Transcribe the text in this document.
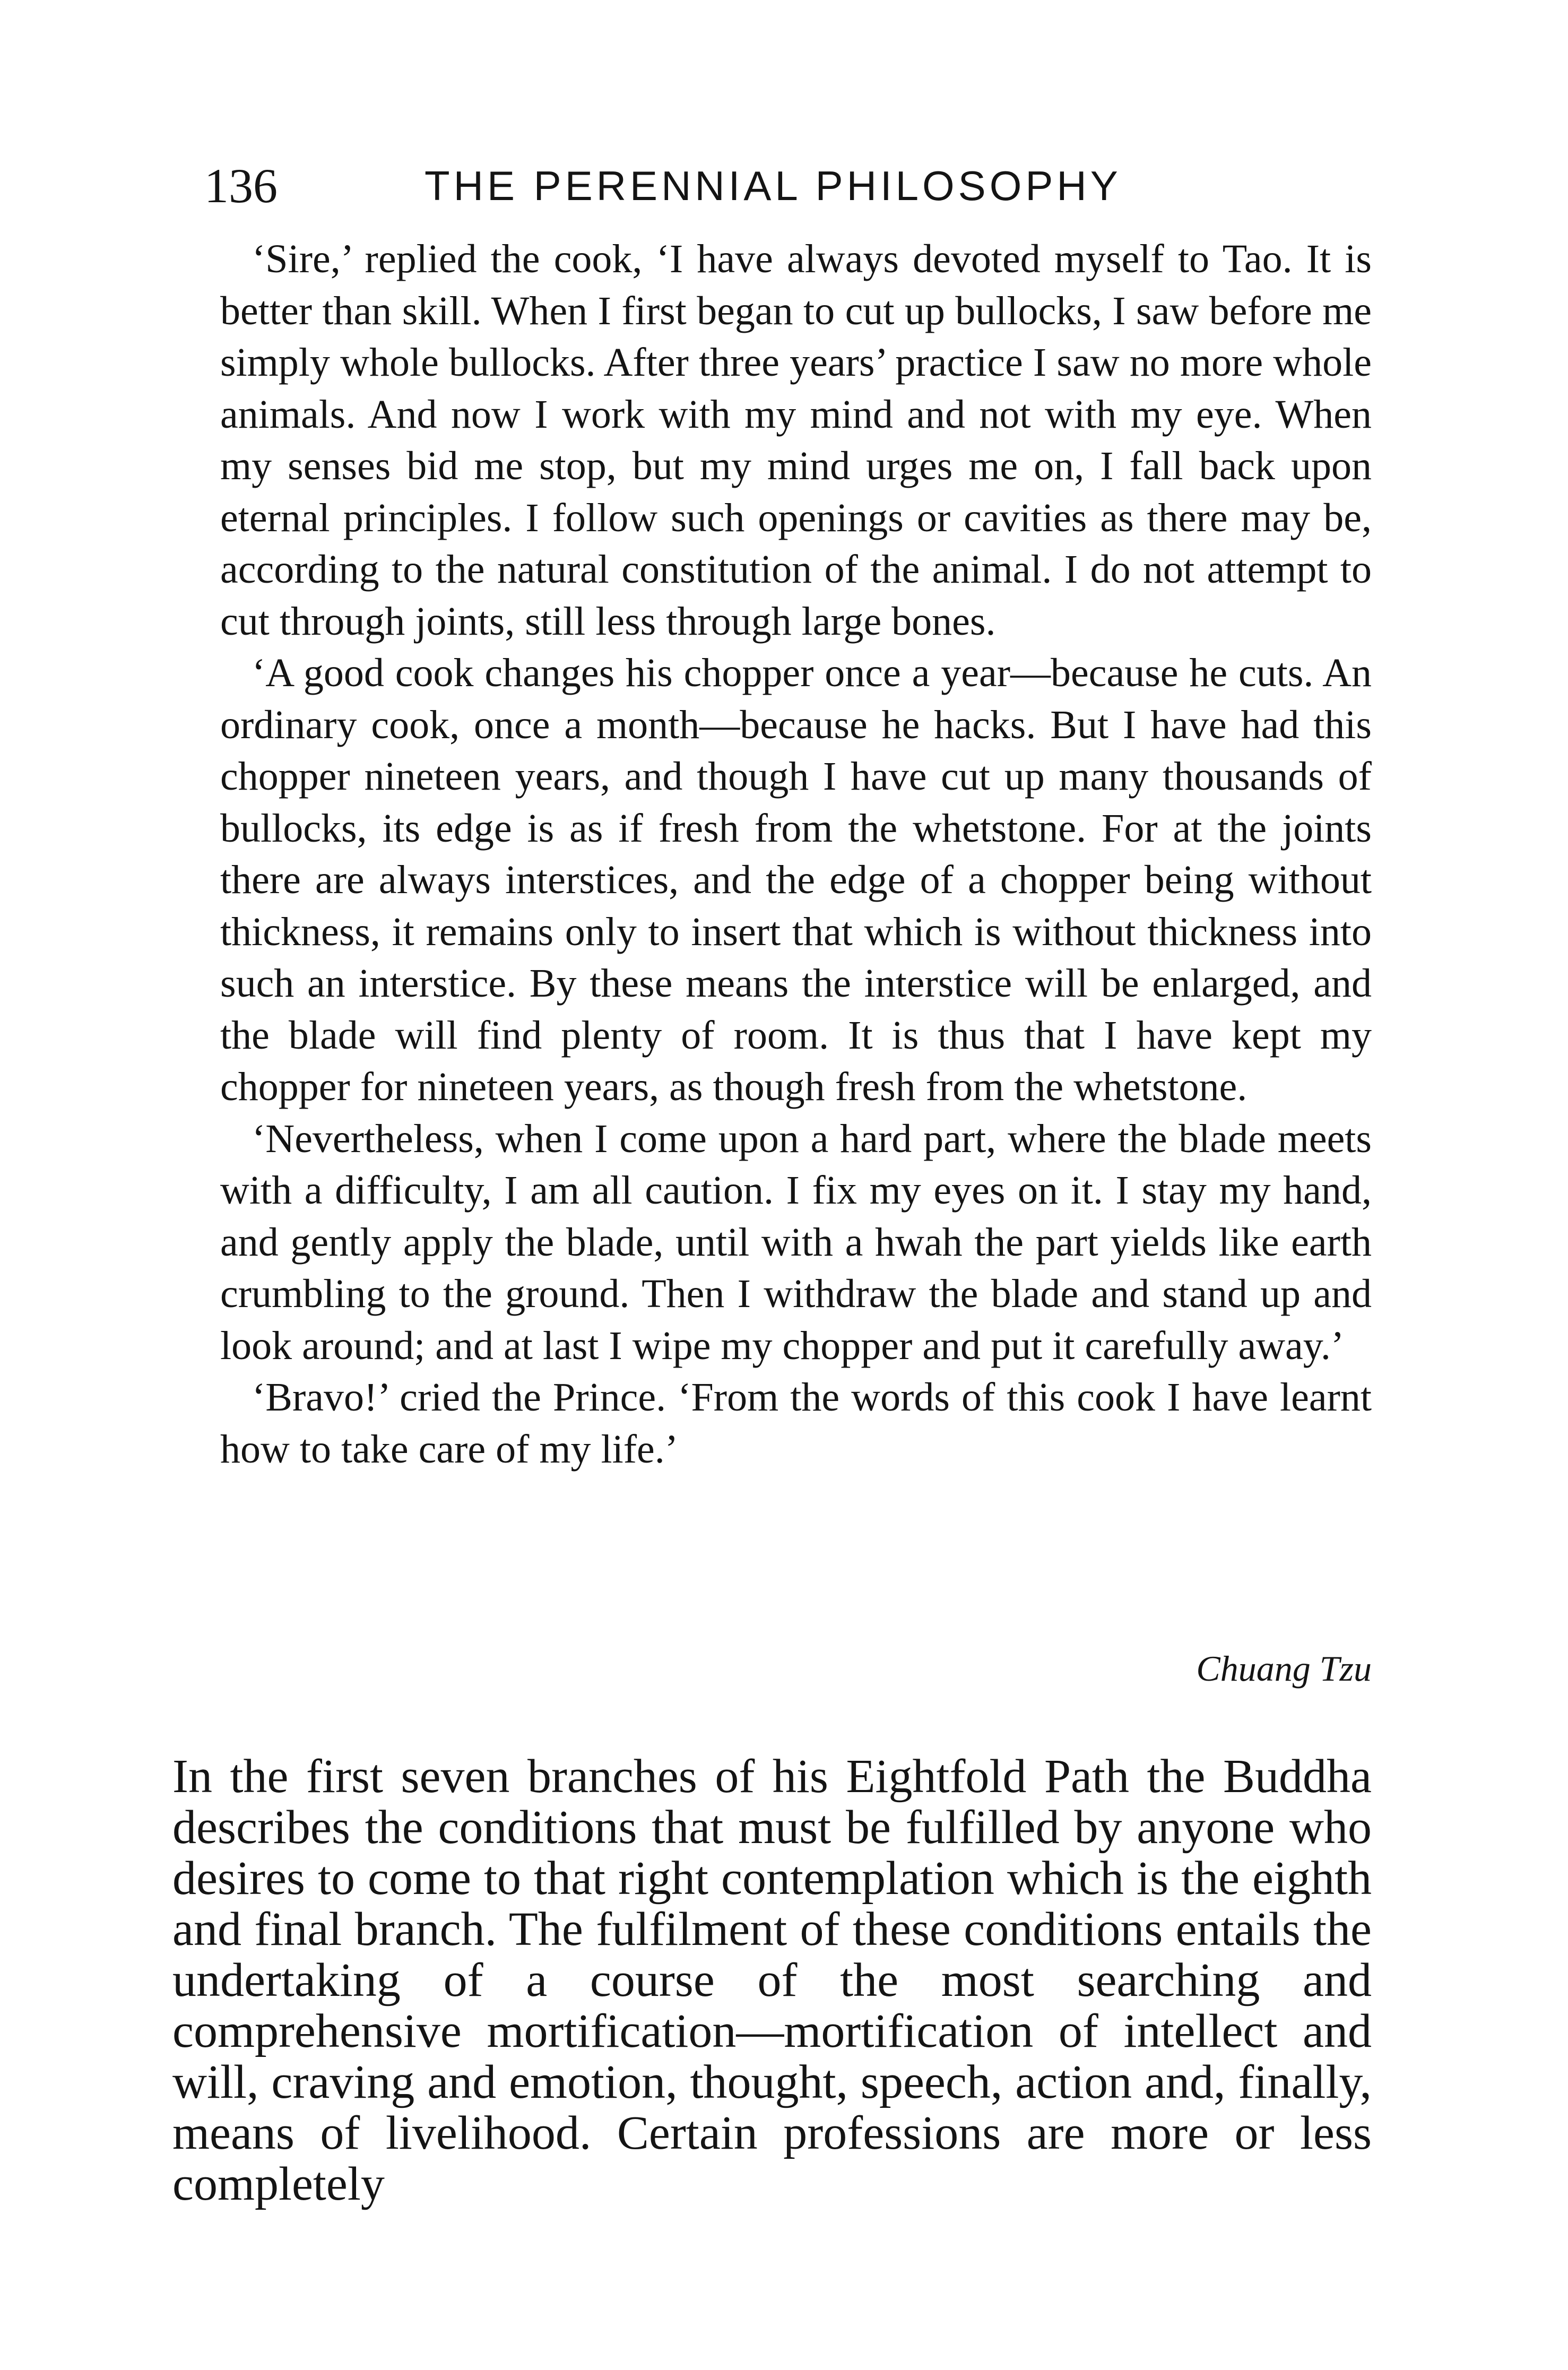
136	THE PERENNIAL PHILOSOPHY

‘Sire,’ replied the cook, ‘I have always devoted myself to Tao. It is better than skill. When I first began to cut up bullocks, I saw before me simply whole bullocks. After three years’ practice I saw no more whole animals. And now I work with my mind and not with my eye. When my senses bid me stop, but my mind urges me on, I fall back upon eternal principles. I follow such openings or cavities as there may be, according to the natural constitution of the animal. I do not attempt to cut through joints, still less through large bones.

‘A good cook changes his chopper once a year—because he cuts. An ordinary cook, once a month—because he hacks. But I have had this chopper nineteen years, and though I have cut up many thousands of bullocks, its edge is as if fresh from the whetstone. For at the joints there are always interstices, and the edge of a chopper being without thickness, it remains only to insert that which is without thickness into such an interstice. By these means the interstice will be enlarged, and the blade will find plenty of room. It is thus that I have kept my chopper for nineteen years, as though fresh from the whetstone.

‘Nevertheless, when I come upon a hard part, where the blade meets with a difficulty, I am all caution. I fix my eyes on it. I stay my hand, and gently apply the blade, until with a hwah the part yields like earth crumbling to the ground. Then I withdraw the blade and stand up and look around; and at last I wipe my chopper and put it carefully away.’

‘Bravo!’ cried the Prince. ‘From the words of this cook I have learnt how to take care of my life.’

Chuang Tzu

In the first seven branches of his Eightfold Path the Buddha describes the conditions that must be fulfilled by anyone who desires to come to that right contemplation which is the eighth and final branch. The fulfilment of these conditions entails the undertaking of a course of the most searching and comprehensive mortification—mortification of intellect and will, craving and emotion, thought, speech, action and, finally, means of livelihood. Certain professions are more or less completely
